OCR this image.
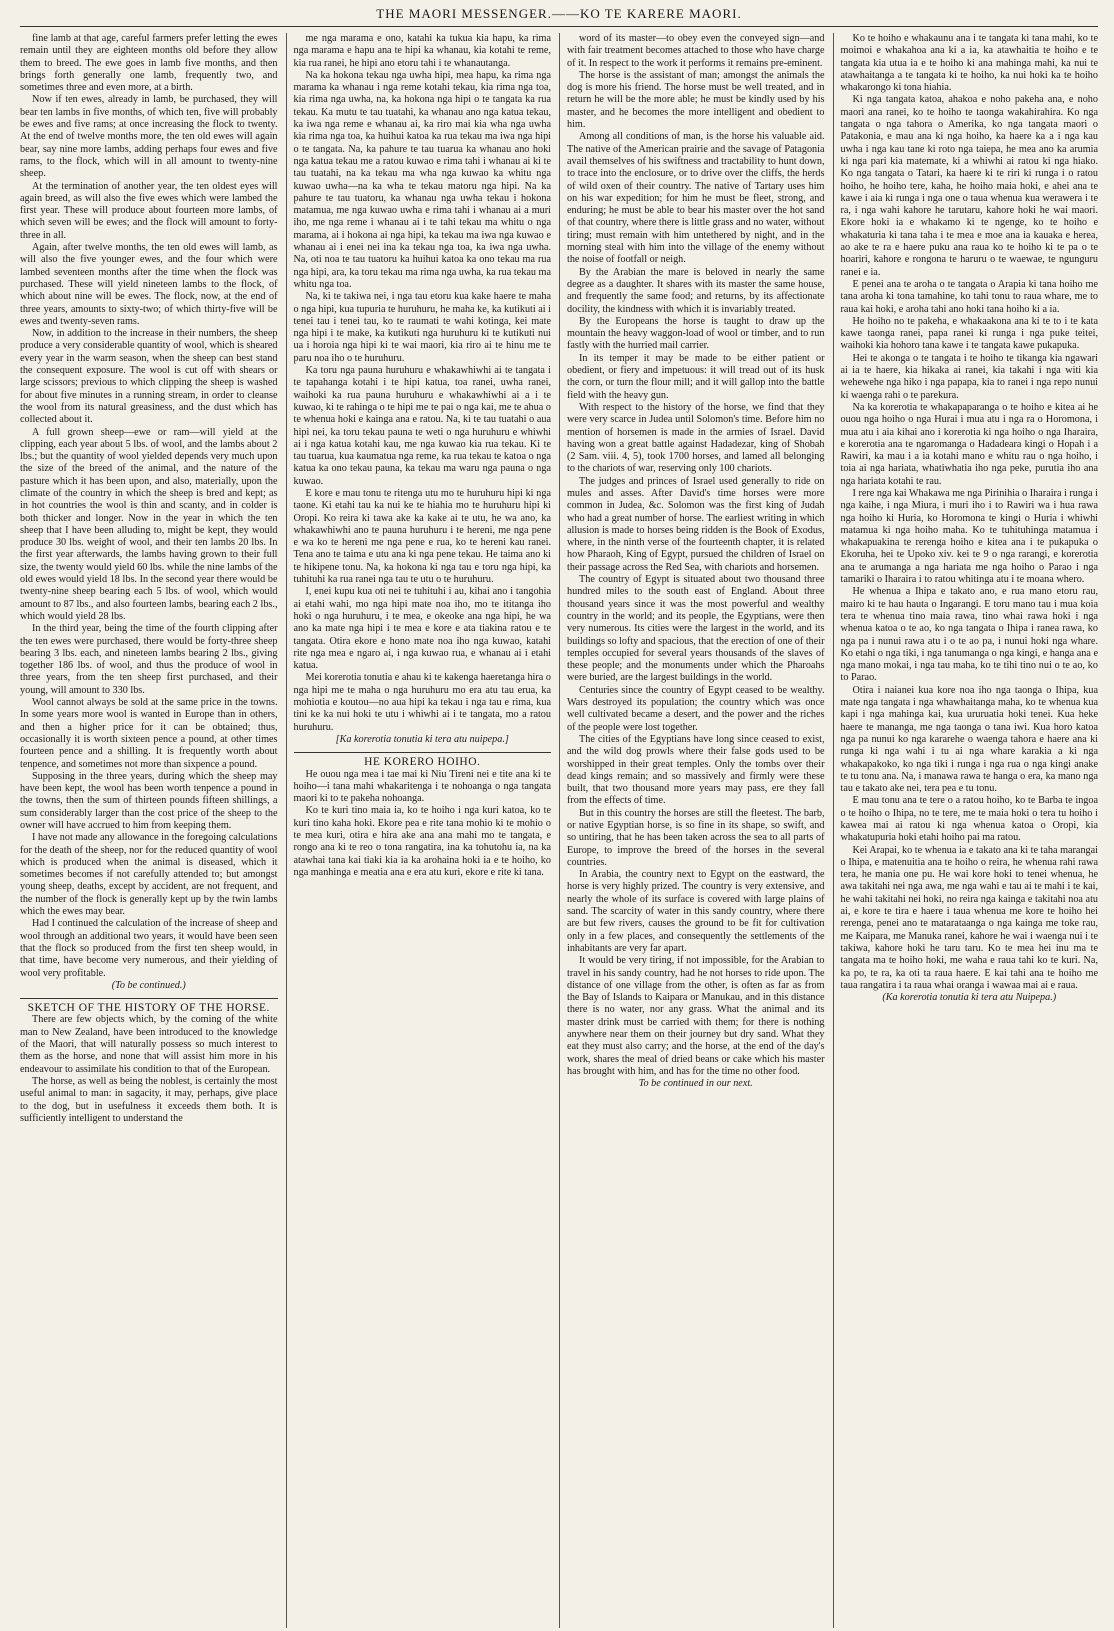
THE MAORI MESSENGER.——KO TE KARERE MAORI.

fine lamb at that age, careful farmers prefer letting the ewes remain until they are eighteen months old before they allow them to breed. The ewe goes in lamb five months, and then brings forth generally one lamb, frequently two, and sometimes three and even more, at a birth.

Now if ten ewes, already in lamb, be purchased, they will bear ten lambs in five months, of which ten, five will probably be ewes and five rams; at once increasing the flock to twenty. At the end of twelve months more, the ten old ewes will again bear, say nine more lambs, adding perhaps four ewes and five rams, to the flock, which will in all amount to twenty-nine sheep.

At the termination of another year, the ten oldest eyes will again breed, as will also the five ewes which were lambed the first year. These will produce about fourteen more lambs, of which seven will be ewes; and the flock will amount to forty-three in all.

Again, after twelve months, the ten old ewes will lamb, as will also the five younger ewes, and the four which were lambed seventeen months after the time when the flock was purchased. These will yield nineteen lambs to the flock, of which about nine will be ewes. The flock, now, at the end of three years, amounts to sixty-two; of which thirty-five will be ewes and twenty-seven rams.

Now, in addition to the increase in their numbers, the sheep produce a very considerable quantity of wool, which is sheared every year in the warm season, when the sheep can best stand the consequent exposure. The wool is cut off with shears or large scissors; previous to which clipping the sheep is washed for about five minutes in a running stream, in order to cleanse the wool from its natural greasiness, and the dust which has collected about it.

A full grown sheep—ewe or ram—will yield at the clipping, each year about 5 lbs. of wool, and the lambs about 2 lbs.; but the quantity of wool yielded depends very much upon the size of the breed of the animal, and the nature of the pasture which it has been upon, and also, materially, upon the climate of the country in which the sheep is bred and kept; as in hot countries the wool is thin and scanty, and in colder is both thicker and longer. Now in the year in which the ten sheep that I have been alluding to, might be kept, they would produce 30 lbs. weight of wool, and their ten lambs 20 lbs. In the first year afterwards, the lambs having grown to their full size, the twenty would yield 60 lbs. while the nine lambs of the old ewes would yield 18 lbs. In the second year there would be twenty-nine sheep bearing each 5 lbs. of wool, which would amount to 87 lbs., and also fourteen lambs, bearing each 2 lbs., which would yield 28 lbs.

In the third year, being the time of the fourth clipping after the ten ewes were purchased, there would be forty-three sheep bearing 3 lbs. each, and nineteen lambs bearing 2 lbs., giving together 186 lbs. of wool, and thus the produce of wool in three years, from the ten sheep first purchased, and their young, will amount to 330 lbs.

Wool cannot always be sold at the same price in the towns. In some years more wool is wanted in Europe than in others, and then a higher price for it can be obtained; thus, occasionally it is worth sixteen pence a pound, at other times fourteen pence and a shilling. It is frequently worth about tenpence, and sometimes not more than sixpence a pound.

Supposing in the three years, during which the sheep may have been kept, the wool has been worth tenpence a pound in the towns, then the sum of thirteen pounds fifteen shillings, a sum considerably larger than the cost price of the sheep to the owner will have accrued to him from keeping them.

I have not made any allowance in the foregoing calculations for the death of the sheep, nor for the reduced quantity of wool which is produced when the animal is diseased, which it sometimes becomes if not carefully attended to; but amongst young sheep, deaths, except by accident, are not frequent, and the number of the flock is generally kept up by the twin lambs which the ewes may bear.

Had I continued the calculation of the increase of sheep and wool through an additional two years, it would have been seen that the flock so produced from the first ten sheep would, in that time, have become very numerous, and their yielding of wool very profitable.

(To be continued.)

SKETCH OF THE HISTORY OF THE HORSE.

There are few objects which, by the coming of the white man to New Zealand, have been introduced to the knowledge of the Maori, that will naturally possess so much interest to them as the horse, and none that will assist him more in his endeavour to assimilate his condition to that of the European.

The horse, as well as being the noblest, is certainly the most useful animal to man: in sagacity, it may, perhaps, give place to the dog, but in usefulness it exceeds them both. It is sufficiently intelligent to understand the

me nga marama e ono, katahi ka tukua kia hapu, ka rima nga marama e hapu ana te hipi ka whanau, kia kotahi te reme, kia rua ranei, he hipi ano etoru tahi i te whanautanga.

Na ka hokona tekau nga uwha hipi, mea hapu, ka rima nga marama ka whanau i nga reme kotahi tekau, kia rima nga toa, kia rima nga uwha, na, ka hokona nga hipi o te tangata ka rua tekau. Ka mutu te tau tuatahi, ka whanau ano nga katua tekau, ka iwa nga reme e whanau ai, ka riro mai kia wha nga uwha kia rima nga toa, ka huihui katoa ka rua tekau ma iwa nga hipi o te tangata. Na, ka pahure te tau tuarua ka whanau ano hoki nga katua tekau me a ratou kuwao e rima tahi i whanau ai ki te tau tuatahi, na ka tekau ma wha nga kuwao ka whitu nga kuwao uwha—na ka wha te tekau matoru nga hipi. Na ka pahure te tau tuatoru, ka whanau nga uwha tekau i hokona matamua, me nga kuwao uwha e rima tahi i whanau ai a muri iho, me nga reme i whanau ai i te tahi tekau ma whitu o nga marama, ai i hokona ai nga hipi, ka tekau ma iwa nga kuwao e whanau ai i enei nei ina ka tekau nga toa, ka iwa nga uwha. Na, oti noa te tau tuatoru ka huihui katoa ka ono tekau ma rua nga hipi, ara, ka toru tekau ma rima nga uwha, ka rua tekau ma whitu nga toa.

Na, ki te takiwa nei, i nga tau etoru kua kake haere te maha o nga hipi, kua tupuria te huruhuru, he maha ke, ka kutikuti ai i tenei tau i tenei tau, ko te raumati te wahi kotinga, kei mate nga hipi i te make, ka kutikuti nga huruhuru ki te kutikuti nui ua i horoia nga hipi ki te wai maori, kia riro ai te hinu me te paru noa iho o te huruhuru.

Ka toru nga pauna huruhuru e whakawhiwhi ai te tangata i te tapahanga kotahi i te hipi katua, toa ranei, uwha ranei, waihoki ka rua pauna huruhuru e whakawhiwhi ai a i te kuwao, ki te rahinga o te hipi me te pai o nga kai, me te ahua o te whenua hoki e kainga ana e ratou. Na, ki te tau tuatahi o aua hipi nei, ka toru tekau pauna te weti o nga huruhuru e whiwhi ai i nga katua kotahi kau, me nga kuwao kia rua tekau. Ki te tau tuarua, kua kaumatua nga reme, ka rua tekau te katoa o nga katua ka ono tekau pauna, ka tekau ma waru nga pauna o nga kuwao.

E kore e mau tonu te ritenga utu mo te huruhuru hipi ki nga taone. Ki etahi tau ka nui ke te hiahia mo te huruhuru hipi ki Oropi. Ko reira ki tawa ake ka kake ai te utu, he wa ano, ka whakawhiwhi ano te pauna huruhuru i te hereni, me nga pene e wa ko te hereni me nga pene e rua, ko te hereni kau ranei. Tena ano te taima e utu ana ki nga pene tekau. He taima ano ki te hikipene tonu. Na, ka hokona ki nga tau e toru nga hipi, ka tuhituhi ka rua ranei nga tau te utu o te huruhuru.

I, enei kupu kua oti nei te tuhituhi i au, kihai ano i tangohia ai etahi wahi, mo nga hipi mate noa iho, mo te ititanga iho hoki o nga huruhuru, i te mea, e okeoke ana nga hipi, he wa ano ka mate nga hipi i te mea e kore e ata tiakina ratou e te tangata. Otira ekore e hono mate noa iho nga kuwao, katahi rite nga mea e ngaro ai, i nga kuwao rua, e whanau ai i etahi katua.

Mei korerotia tonutia e ahau ki te kakenga haeretanga hira o nga hipi me te maha o nga huruhuru mo era atu tau erua, ka mohiotia e koutou—no aua hipi ka tekau i nga tau e rima, kua tini ke ka nui hoki te utu i whiwhi ai i te tangata, mo a ratou huruhuru.

[Ka korerotia tonutia ki tera atu nuipepa.]

HE KORERO HOIHO.

He ouou nga mea i tae mai ki Niu Tireni nei e tite ana ki te hoiho—i tana mahi whakaritenga i te nohoanga o nga tangata maori ki to te pakeha nohoanga.

Ko te kuri tino maia ia, ko te hoiho i nga kuri katoa, ko te kuri tino kaha hoki. Ekore pea e rite tana mohio ki te mohio o te mea kuri, otira e hira ake ana ana mahi mo te tangata, e rongo ana ki te reo o tona rangatira, ina ka tohutohu ia, na ka atawhai tana kai tiaki kia ia ka arohaina hoki ia e te hoiho, ko nga manhinga e meatia ana e era atu kuri, ekore e rite ki tana.

word of its master—to obey even the conveyed sign—and with fair treatment becomes attached to those who have charge of it. In respect to the work it performs it remains pre-eminent.

The horse is the assistant of man; amongst the animals the dog is more his friend. The horse must be well treated, and in return he will be the more able; he must be kindly used by his master, and he becomes the more intelligent and obedient to him.

Among all conditions of man, is the horse his valuable aid. The native of the American prairie and the savage of Patagonia avail themselves of his swiftness and tractability to hunt down, to trace into the enclosure, or to drive over the cliffs, the herds of wild oxen of their country. The native of Tartary uses him on his war expedition; for him he must be fleet, strong, and enduring; he must be able to bear his master over the hot sand of that country, where there is little grass and no water, without tiring; must remain with him untethered by night, and in the morning steal with him into the village of the enemy without the noise of footfall or neigh.

By the Arabian the mare is beloved in nearly the same degree as a daughter. It shares with its master the same house, and frequently the same food; and returns, by its affectionate docility, the kindness with which it is invariably treated.

By the Europeans the horse is taught to draw up the mountain the heavy waggon-load of wool or timber, and to run fastly with the hurried mail carrier.

In its temper it may be made to be either patient or obedient, or fiery and impetuous: it will tread out of its husk the corn, or turn the flour mill; and it will gallop into the battle field with the heavy gun.

With respect to the history of the horse, we find that they were very scarce in Judea until Solomon's time. Before him no mention of horsemen is made in the armies of Israel. David having won a great battle against Hadadezar, king of Shobah (2 Sam. viii. 4, 5), took 1700 horses, and lamed all belonging to the chariots of war, reserving only 100 chariots.

The judges and princes of Israel used generally to ride on mules and asses. After David's time horses were more common in Judea, &c. Solomon was the first king of Judah who had a great number of horse. The earliest writing in which allusion is made to horses being ridden is the Book of Exodus, where, in the ninth verse of the fourteenth chapter, it is related how Pharaoh, King of Egypt, pursued the children of Israel on their passage across the Red Sea, with chariots and horsemen.

The country of Egypt is situated about two thousand three hundred miles to the south east of England. About three thousand years since it was the most powerful and wealthy country in the world; and its people, the Egyptians, were then very numerous. Its cities were the largest in the world, and its buildings so lofty and spacious, that the erection of one of their temples occupied for several years thousands of the slaves of these people; and the monuments under which the Pharoahs were buried, are the largest buildings in the world.

Centuries since the country of Egypt ceased to be wealthy. Wars destroyed its population; the country which was once well cultivated became a desert, and the power and the riches of the people were lost together.

The cities of the Egyptians have long since ceased to exist, and the wild dog prowls where their false gods used to be worshipped in their great temples. Only the tombs over their dead kings remain; and so massively and firmly were these built, that two thousand more years may pass, ere they fall from the effects of time.

But in this country the horses are still the fleetest. The barb, or native Egyptian horse, is so fine in its shape, so swift, and so untiring, that he has been taken across the sea to all parts of Europe, to improve the breed of the horses in the several countries.

In Arabia, the country next to Egypt on the eastward, the horse is very highly prized. The country is very extensive, and nearly the whole of its surface is covered with large plains of sand. The scarcity of water in this sandy country, where there are but few rivers, causes the ground to be fit for cultivation only in a few places, and consequently the settlements of the inhabitants are very far apart.

It would be very tiring, if not impossible, for the Arabian to travel in his sandy country, had he not horses to ride upon. The distance of one village from the other, is often as far as from the Bay of Islands to Kaipara or Manukau, and in this distance there is no water, nor any grass. What the animal and its master drink must be carried with them; for there is nothing anywhere near them on their journey but dry sand. What they eat they must also carry; and the horse, at the end of the day's work, shares the meal of dried beans or cake which his master has brought with him, and has for the time no other food.

To be continued in our next.

Ko te hoiho e whakaunu ana i te tangata ki tana mahi, ko te moimoi e whakahoa ana ki a ia, ka atawhaitia te hoiho e te tangata kia utua ia e te hoiho ki ana mahinga mahi, ka nui te atawhaitanga a te tangata ki te hoiho, ka nui hoki ka te hoiho whakarongo ki tona hiahia.

Ki nga tangata katoa, ahakoa e noho pakeha ana, e noho maori ana ranei, ko te hoiho te taonga wakahirahira. Ko nga tangata o nga tahora o Amerika, ko nga tangata maori o Patakonia, e mau ana ki nga hoiho, ka haere ka a i nga kau uwha i nga kau tane ki roto nga taiepa, he mea ano ka arumia ki nga pari kia matemate, ki a whiwhi ai ratou ki nga hiako. Ko nga tangata o Tatari, ka haere ki te riri ki runga i o ratou hoiho, he hoiho tere, kaha, he hoiho maia hoki, e ahei ana te kawe i aia ki runga i nga one o taua whenua kua werawera i te ra, i nga wahi kahore he tarutaru, kahore hoki he wai maori. Ekore hoki ia e whakamo ki te ngenge, ko te hoiho e whakaturia ki tana taha i te mea e moe ana ia kauaka e herea, ao ake te ra e haere puku ana raua ko te hoiho ki te pa o te hoariri, kahore e rongona te haruru o te waewae, te ngunguru ranei e ia.

E penei ana te aroha o te tangata o Arapia ki tana hoiho me tana aroha ki tona tamahine, ko tahi tonu to raua whare, me to raua kai hoki, e aroha tahi ano hoki tana hoiho ki a ia.

He hoiho no te pakeha, e whakaakona ana ki te to i te kata kawe taonga ranei, papa ranei ki runga i nga puke teitei, waihoki kia hohoro tana kawe i te tangata kawe pukapuka.

Hei te akonga o te tangata i te hoiho te tikanga kia ngawari ai ia te haere, kia hikaka ai ranei, kia takahi i nga witi kia wehewehe nga hiko i nga papapa, kia to ranei i nga repo nunui ki waenga rahi o te parekura.

Na ka korerotia te whakapaparanga o te hoiho e kitea ai he ouou nga hoiho o nga Hurai i mua atu i nga ra o Horomona, i mua atu i aia kihai ano i korerotia ki nga hoiho o nga Iharaira, e korerotia ana te ngaromanga o Hadadeara kingi o Hopah i a Rawiri, ka mau i a ia kotahi mano e whitu rau o nga hoiho, i toia ai nga hariata, whatiwhatia iho nga peke, purutia iho ana nga hariata kotahi te rau.

I rere nga kai Whakawa me nga Pirinihia o Iharaira i runga i nga kaihe, i nga Miura, i muri iho i to Rawiri wa i hua rawa nga hoiho ki Huria, ko Horomona te kingi o Huria i whiwhi matamua ki nga hoiho maha. Ko te tuhituhinga matamua i whakapuakina te rerenga hoiho e kitea ana i te pukapuka o Ekoruha, hei te Upoko xiv. kei te 9 o nga rarangi, e korerotia ana te arumanga a nga hariata me nga hoiho o Parao i nga tamariki o Iharaira i to ratou whitinga atu i te moana whero.

He whenua a Ihipa e takato ano, e rua mano etoru rau, mairo ki te hau hauta o Ingarangi. E toru mano tau i mua koia tera te whenua tino maia rawa, tino whai rawa hoki i nga whenua katoa o te ao, ko nga tangata o Ihipa i ranea rawa, ko nga pa i nunui rawa atu i o te ao pa, i nunui hoki nga whare. Ko etahi o nga tiki, i nga tanumanga o nga kingi, e hanga ana e nga mano mokai, i nga tau maha, ko te tihi tino nui o te ao, ko to Parao.

Otira i naianei kua kore noa iho nga taonga o Ihipa, kua mate nga tangata i nga whawhaitanga maha, ko te whenua kua kapi i nga mahinga kai, kua ururuatia hoki tenei. Kua heke haere te mananga, me nga taonga o tana iwi. Kua horo katoa nga pa nunui ko nga kararehe o waenga tahora e haere ana ki runga ki nga wahi i tu ai nga whare karakia a ki nga whakapakoko, ko nga tiki i runga i nga rua o nga kingi anake te tu tonu ana. Na, i manawa rawa te hanga o era, ka mano nga tau e takato ake nei, tera pea e tu tonu.

E mau tonu ana te tere o a ratou hoiho, ko te Barba te ingoa o te hoiho o Ihipa, no te tere, me te maia hoki o tera tu hoiho i kawea mai ai ratou ki nga whenua katoa o Oropi, kia whakatupuria hoki etahi hoiho pai ma ratou.

Kei Arapai, ko te whenua ia e takato ana ki te taha marangai o Ihipa, e matenuitia ana te hoiho o reira, he whenua rahi rawa tera, he mania one pu. He wai kore hoki to tenei whenua, he awa takitahi nei nga awa, me nga wahi e tau ai te mahi i te kai, he wahi takitahi nei hoki, no reira nga kainga e takitahi noa atu ai, e kore te tira e haere i taua whenua me kore te hoiho hei rerenga, penei ano te matarataanga o nga kainga me toke rau, me Kaipara, me Manuka ranei, kahore he wai i waenga nui i te takiwa, kahore hoki he taru taru. Ko te mea hei inu ma te tangata ma te hoiho hoki, me waha e raua tahi ko te kuri. Na, ka po, te ra, ka oti ta raua haere. E kai tahi ana te hoiho me taua rangatira i ta raua whai oranga i wawaa mai ai e raua.

(Ka korerotia tonutia ki tera atu Nuipepa.)
